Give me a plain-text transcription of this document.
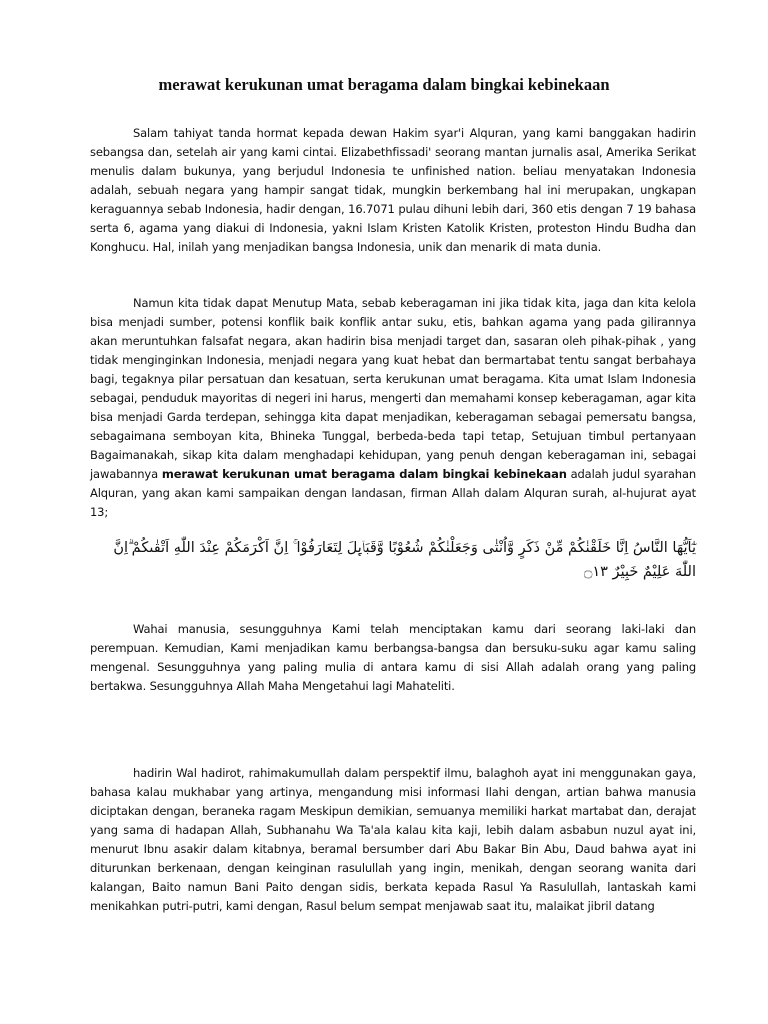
merawat kerukunan umat beragama dalam bingkai kebinekaan

Salam tahiyat tanda hormat kepada dewan Hakim syar'i Alquran, yang kami banggakan hadirin sebangsa dan, setelah air yang kami cintai. Elizabethfissadi' seorang mantan jurnalis asal, Amerika Serikat menulis dalam bukunya, yang berjudul Indonesia te unfinished nation. beliau menyatakan Indonesia adalah, sebuah negara yang hampir sangat tidak, mungkin berkembang hal ini merupakan, ungkapan keraguannya sebab Indonesia, hadir dengan, 16.7071 pulau dihuni lebih dari, 360 etis dengan 7 19 bahasa serta 6, agama yang diakui di Indonesia, yakni Islam Kristen Katolik Kristen, proteston Hindu Budha dan Konghucu. Hal, inilah yang menjadikan bangsa Indonesia, unik dan menarik di mata dunia.

Namun kita tidak dapat Menutup Mata, sebab keberagaman ini jika tidak kita, jaga dan kita kelola bisa menjadi sumber, potensi konflik baik konflik antar suku, etis, bahkan agama yang pada gilirannya akan meruntuhkan falsafat negara, akan hadirin bisa menjadi target dan, sasaran oleh pihak-pihak , yang tidak menginginkan Indonesia, menjadi negara yang kuat hebat dan bermartabat tentu sangat berbahaya bagi, tegaknya pilar persatuan dan kesatuan, serta kerukunan umat beragama. Kita umat Islam Indonesia sebagai, penduduk mayoritas di negeri ini harus, mengerti dan memahami konsep keberagaman, agar kita bisa menjadi Garda terdepan, sehingga kita dapat menjadikan, keberagaman sebagai pemersatu bangsa, sebagaimana semboyan kita, Bhineka Tunggal, berbeda-beda tapi tetap, Setujuan timbul pertanyaan Bagaimanakah, sikap kita dalam menghadapi kehidupan, yang penuh dengan keberagaman ini, sebagai jawabannya merawat kerukunan umat beragama dalam bingkai kebinekaan adalah judul syarahan Alquran, yang akan kami sampaikan dengan landasan, firman Allah dalam Alquran surah, al-hujurat ayat 13;

يٰٓاَيُّهَا النَّاسُ اِنَّا خَلَقْنٰكُمْ مِّنْ ذَكَرٍ وَّاُنْثٰى وَجَعَلْنٰكُمْ شُعُوْبًا وَّقَبَاۤىِٕلَ لِتَعَارَفُوْا ۚ اِنَّ اَكْرَمَكُمْ عِنْدَ اللّٰهِ اَتْقٰىكُمْ ۗاِنَّ اللّٰهَ عَلِيْمٌ خَبِيْرٌ ۝١٣

Wahai manusia, sesungguhnya Kami telah menciptakan kamu dari seorang laki-laki dan perempuan. Kemudian, Kami menjadikan kamu berbangsa-bangsa dan bersuku-suku agar kamu saling mengenal. Sesungguhnya yang paling mulia di antara kamu di sisi Allah adalah orang yang paling bertakwa. Sesungguhnya Allah Maha Mengetahui lagi Mahateliti.

hadirin Wal hadirot, rahimakumullah dalam perspektif ilmu, balaghoh ayat ini menggunakan gaya, bahasa kalau mukhabar yang artinya, mengandung misi informasi Ilahi dengan, artian bahwa manusia diciptakan dengan, beraneka ragam Meskipun demikian, semuanya memiliki harkat martabat dan, derajat yang sama di hadapan Allah, Subhanahu Wa Ta'ala kalau kita kaji, lebih dalam asbabun nuzul ayat ini, menurut Ibnu asakir dalam kitabnya, beramal bersumber dari Abu Bakar Bin Abu, Daud bahwa ayat ini diturunkan berkenaan, dengan keinginan rasulullah yang ingin, menikah, dengan seorang wanita dari kalangan, Baito namun Bani Paito dengan sidis, berkata kepada Rasul Ya Rasulullah, lantaskah kami menikahkan putri-putri, kami dengan, Rasul belum sempat menjawab saat itu, malaikat jibril datang
